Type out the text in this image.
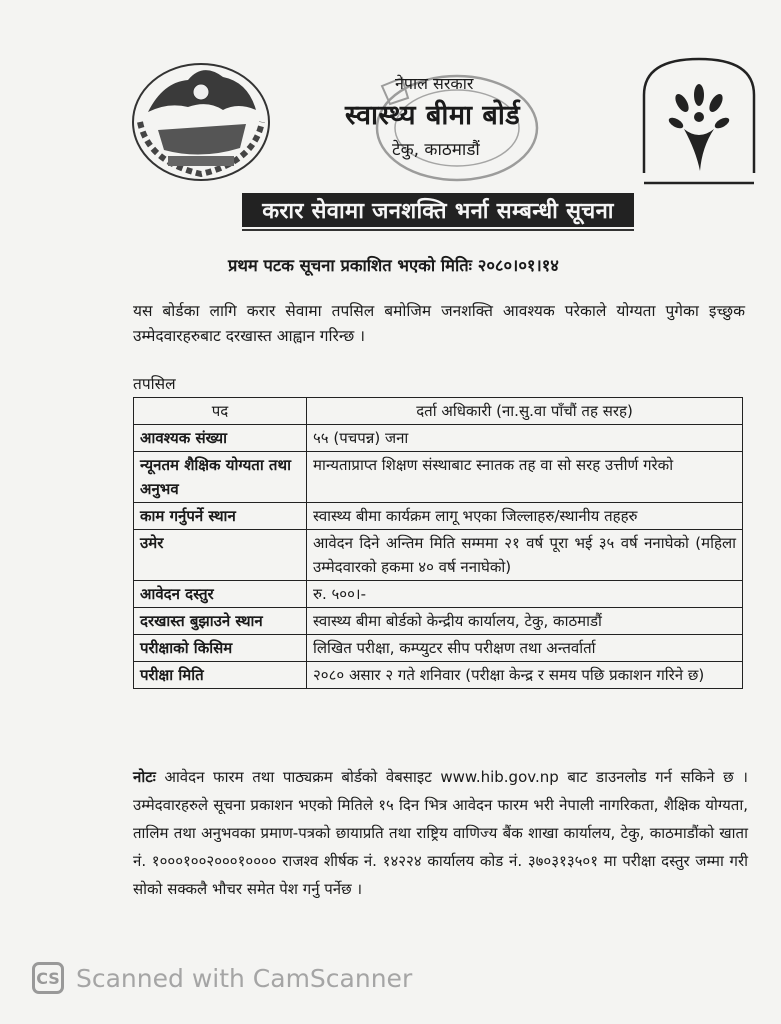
नेपाल सरकार
स्वास्थ्य बीमा बोर्ड
टेकु, काठमाडौं
करार सेवामा जनशक्ति भर्ना सम्बन्धी सूचना
प्रथम पटक सूचना प्रकाशित भएको मितिः २०८०।०१।१४
यस बोर्डका लागि करार सेवामा तपसिल बमोजिम जनशक्ति आवश्यक परेकाले योग्यता पुगेका इच्छुक उम्मेदवारहरुबाट दरखास्त आह्वान गरिन्छ ।
तपसिल
पद	दर्ता अधिकारी (ना.सु.वा पाँचौं तह सरह)
आवश्यक संख्या	५५ (पचपन्न) जना
न्यूनतम शैक्षिक योग्यता तथा अनुभव	मान्यताप्राप्त शिक्षण संस्थाबाट स्नातक तह वा सो सरह उत्तीर्ण गरेको
काम गर्नुपर्ने स्थान	स्वास्थ्य बीमा कार्यक्रम लागू भएका जिल्लाहरु/स्थानीय तहहरु
उमेर	आवेदन दिने अन्तिम मिति सम्ममा २१ वर्ष पूरा भई ३५ वर्ष ननाघेको (महिला उम्मेदवारको हकमा ४० वर्ष ननाघेको)
आवेदन दस्तुर	रु. ५००।-
दरखास्त बुझाउने स्थान	स्वास्थ्य बीमा बोर्डको केन्द्रीय कार्यालय, टेकु, काठमाडौं
परीक्षाको किसिम	लिखित परीक्षा, कम्प्युटर सीप परीक्षण तथा अन्तर्वार्ता
परीक्षा मिति	२०८० असार २ गते शनिवार (परीक्षा केन्द्र र समय पछि प्रकाशन गरिने छ)
नोटः आवेदन फारम तथा पाठ्यक्रम बोर्डको वेबसाइट www.hib.gov.np बाट डाउनलोड गर्न सकिने छ । उम्मेदवारहरुले सूचना प्रकाशन भएको मितिले १५ दिन भित्र आवेदन फारम भरी नेपाली नागरिकता, शैक्षिक योग्यता, तालिम तथा अनुभवका प्रमाण-पत्रको छायाप्रति तथा राष्ट्रिय वाणिज्य बैंक शाखा कार्यालय, टेकु, काठमाडौंको खाता नं. १०००१००२०००१०००० राजश्व शीर्षक नं. १४२२४ कार्यालय कोड नं. ३७०३१३५०१ मा परीक्षा दस्तुर जम्मा गरी सोको सक्कलै भौचर समेत पेश गर्नु पर्नेछ ।
CS Scanned with CamScanner
